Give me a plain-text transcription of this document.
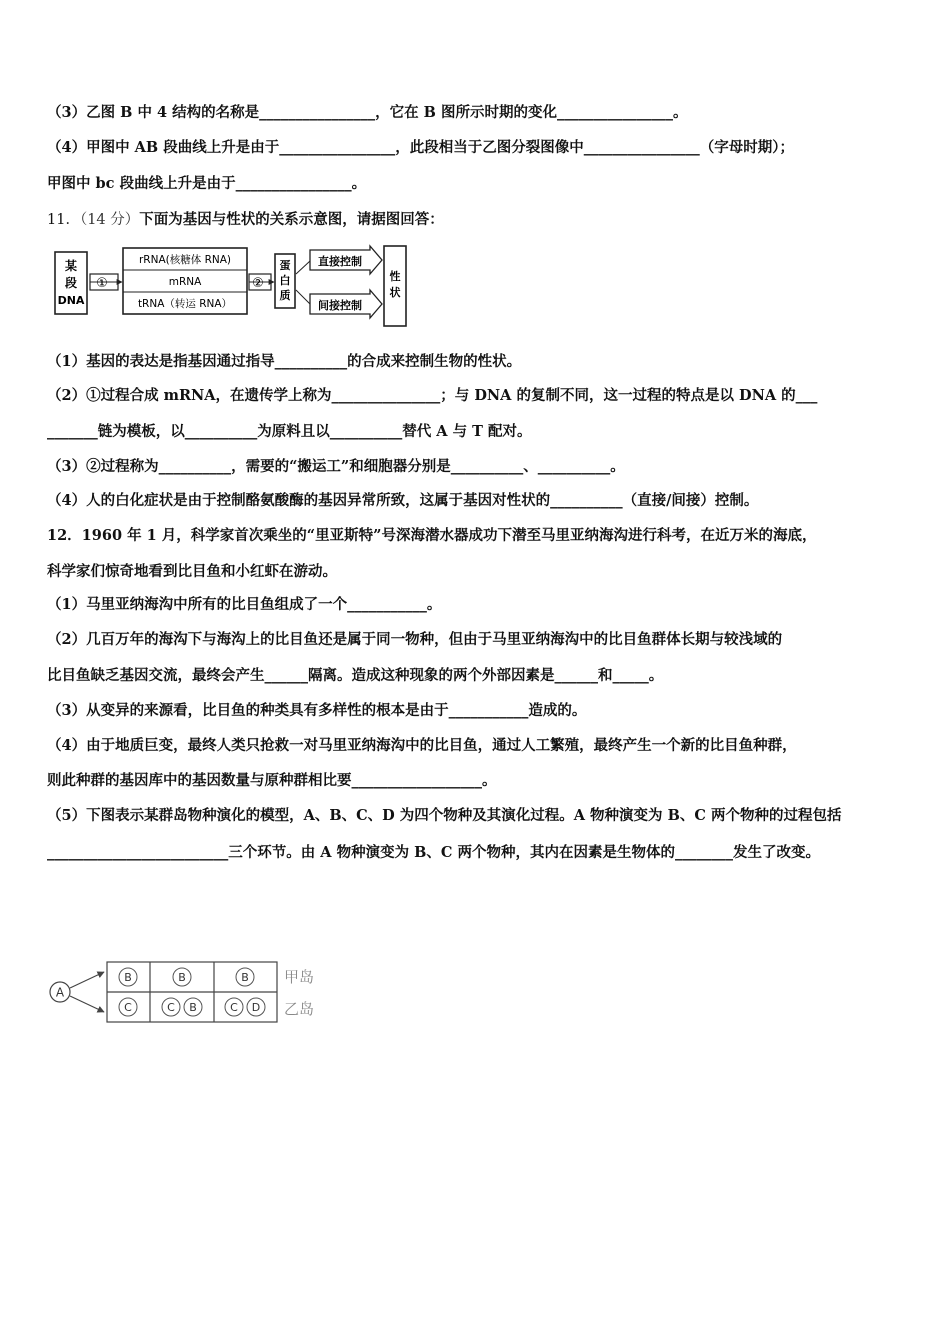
（3）乙图 B 中 4 结构的名称是________________，它在 B 图所示时期的变化________________。
（4）甲图中 AB 段曲线上升是由于________________，此段相当于乙图分裂图像中________________（字母时期）；
甲图中 bc 段曲线上升是由于________________。
11．（14 分）下面为基因与性状的关系示意图，请据图回答：
某
段
DNA
①
rRNA(核糖体 RNA)
mRNA
tRNA（转运 RNA）
②
蛋
白
质
直接控制
间接控制
性
状
（1）基因的表达是指基因通过指导__________的合成来控制生物的性状。
（2）①过程合成 mRNA，在遗传学上称为_______________；与 DNA 的复制不同，这一过程的特点是以 DNA 的___
_______链为模板，以__________为原料且以__________替代 A 与 T 配对。
（3）②过程称为__________，需要的“搬运工”和细胞器分别是__________、__________。
（4）人的白化症状是由于控制酪氨酸酶的基因异常所致，这属于基因对性状的__________（直接/间接）控制。
12．1960 年 1 月，科学家首次乘坐的“里亚斯特”号深海潜水器成功下潜至马里亚纳海沟进行科考，在近万米的海底，
科学家们惊奇地看到比目鱼和小红虾在游动。
（1）马里亚纳海沟中所有的比目鱼组成了一个___________。
（2）几百万年的海沟下与海沟上的比目鱼还是属于同一物种，但由于马里亚纳海沟中的比目鱼群体长期与较浅域的
比目鱼缺乏基因交流，最终会产生______隔离。造成这种现象的两个外部因素是______和_____。
（3）从变异的来源看，比目鱼的种类具有多样性的根本是由于___________造成的。
（4）由于地质巨变，最终人类只抢救一对马里亚纳海沟中的比目鱼，通过人工繁殖，最终产生一个新的比目鱼种群，
则此种群的基因库中的基因数量与原种群相比要__________________。
（5）下图表示某群岛物种演化的模型，A、B、C、D 为四个物种及其演化过程。A 物种演变为 B、C 两个物种的过程包括
_________________________三个环节。由 A 物种演变为 B、C 两个物种，其内在因素是生物体的________发生了改变。
A
B	B	B
C	C B	C D
甲岛
乙岛
